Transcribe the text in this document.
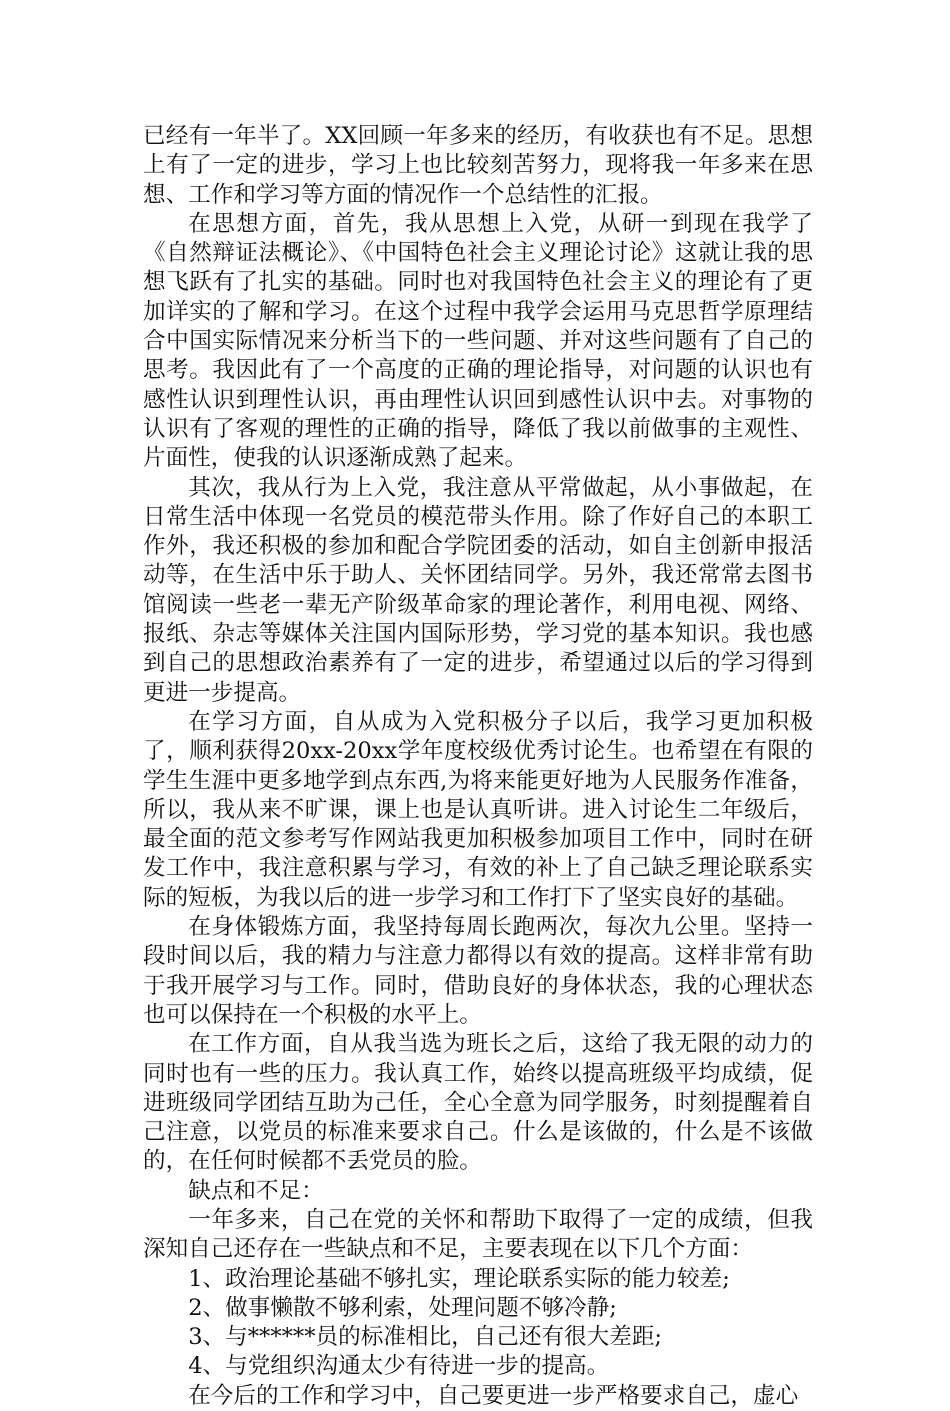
已经有一年半了。XX回顾一年多来的经历，有收获也有不足。思想上有了一定的进步，学习上也比较刻苦努力，现将我一年多来在思想、工作和学习等方面的情况作一个总结性的汇报。

在思想方面，首先，我从思想上入党，从研一到现在我学了《自然辩证法概论》、《中国特色社会主义理论讨论》这就让我的思想飞跃有了扎实的基础。同时也对我国特色社会主义的理论有了更加详实的了解和学习。在这个过程中我学会运用马克思哲学原理结合中国实际情况来分析当下的一些问题、并对这些问题有了自己的思考。我因此有了一个高度的正确的理论指导，对问题的认识也有感性认识到理性认识，再由理性认识回到感性认识中去。对事物的认识有了客观的理性的正确的指导，降低了我以前做事的主观性、片面性，使我的认识逐渐成熟了起来。

其次，我从行为上入党，我注意从平常做起，从小事做起，在日常生活中体现一名党员的模范带头作用。除了作好自己的本职工作外，我还积极的参加和配合学院团委的活动，如自主创新申报活动等，在生活中乐于助人、关怀团结同学。另外，我还常常去图书馆阅读一些老一辈无产阶级革命家的理论著作，利用电视、网络、报纸、杂志等媒体关注国内国际形势，学习党的基本知识。我也感到自己的思想政治素养有了一定的进步，希望通过以后的学习得到更进一步提高。

在学习方面，自从成为入党积极分子以后，我学习更加积极了，顺利获得20xx-20xx学年度校级优秀讨论生。也希望在有限的学生生涯中更多地学到点东西,为将来能更好地为人民服务作准备，所以，我从来不旷课，课上也是认真听讲。进入讨论生二年级后，最全面的范文参考写作网站我更加积极参加项目工作中，同时在研发工作中，我注意积累与学习，有效的补上了自己缺乏理论联系实际的短板，为我以后的进一步学习和工作打下了坚实良好的基础。

在身体锻炼方面，我坚持每周长跑两次，每次九公里。坚持一段时间以后，我的精力与注意力都得以有效的提高。这样非常有助于我开展学习与工作。同时，借助良好的身体状态，我的心理状态也可以保持在一个积极的水平上。

在工作方面，自从我当选为班长之后，这给了我无限的动力的同时也有一些的压力。我认真工作，始终以提高班级平均成绩，促进班级同学团结互助为己任，全心全意为同学服务，时刻提醒着自己注意，以党员的标准来要求自己。什么是该做的，什么是不该做的，在任何时候都不丢党员的脸。

缺点和不足：

一年多来，自己在党的关怀和帮助下取得了一定的成绩，但我深知自己还存在一些缺点和不足，主要表现在以下几个方面：

1、政治理论基础不够扎实，理论联系实际的能力较差;

2、做事懒散不够利索，处理问题不够冷静;

3、与******员的标准相比，自己还有很大差距;

4、与党组织沟通太少有待进一步的提高。

在今后的工作和学习中，自己要更进一步严格要求自己，虚心
